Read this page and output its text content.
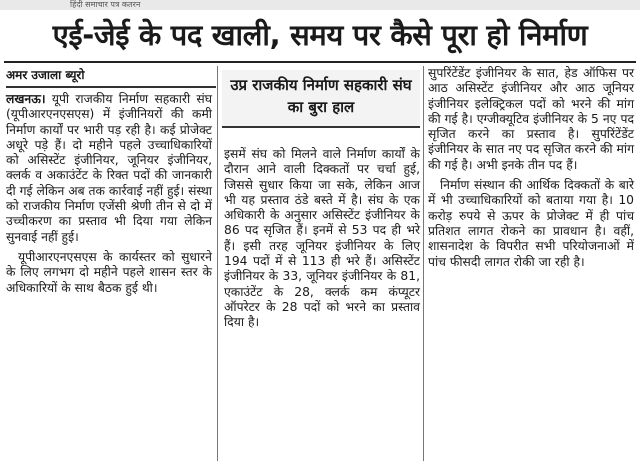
हिंदी समाचार पत्र कतरन
एई-जेई के पद खाली, समय पर कैसे पूरा हो निर्माण
अमर उजाला ब्यूरो
उप्र राजकीय निर्माण सहकारी संघ का बुरा हाल

लखनऊ। यूपी राजकीय निर्माण सहकारी संघ (यूपीआरएनएसएस) में इंजीनियरों की कमी निर्माण कार्यों पर भारी पड़ रही है। कई प्रोजेक्ट अधूरे पड़े हैं। दो महीने पहले उच्चाधिकारियों को असिस्टेंट इंजीनियर, जूनियर इंजीनियर, क्लर्क व अकाउंटेंट के रिक्त पदों की जानकारी दी गई लेकिन अब तक कार्रवाई नहीं हुई। संस्था को राजकीय निर्माण एजेंसी श्रेणी तीन से दो में उच्चीकरण का प्रस्ताव भी दिया गया लेकिन सुनवाई नहीं हुई।

यूपीआरएनएसएस के कार्यस्तर को सुधारने के लिए लगभग दो महीने पहले शासन स्तर के अधिकारियों के साथ बैठक हुई थी।

इसमें संघ को मिलने वाले निर्माण कार्यों के दौरान आने वाली दिक्कतों पर चर्चा हुई, जिससे सुधार किया जा सके, लेकिन आज भी यह प्रस्ताव ठंडे बस्ते में है। संघ के एक अधिकारी के अनुसार असिस्टेंट इंजीनियर के 86 पद सृजित हैं। इनमें से 53 पद ही भरे हैं। इसी तरह जूनियर इंजीनियर के लिए 194 पदों में से 113 ही भरे हैं। असिस्टेंट इंजीनियर के 33, जूनियर इंजीनियर के 81, एकाउंटेंट के 28, क्लर्क कम कंप्यूटर ऑपरेटर के 28 पदों को भरने का प्रस्ताव दिया है।

सुपरिंटेंडेंट इंजीनियर के सात, हेड ऑफिस पर आठ असिस्टेंट इंजीनियर और आठ जूनियर इंजीनियर इलेक्ट्रिकल पदों को भरने की मांग की गई है। एग्जीक्यूटिव इंजीनियर के 5 नए पद सृजित करने का प्रस्ताव है। सुपरिंटेंडेंट इंजीनियर के सात नए पद सृजित करने की मांग की गई है। अभी इनके तीन पद हैं।

निर्माण संस्थान की आर्थिक दिक्कतों के बारे में भी उच्चाधिकारियों को बताया गया है। 10 करोड़ रुपये से ऊपर के प्रोजेक्ट में ही पांच प्रतिशत लागत रोकने का प्रावधान है। वहीं, शासनादेश के विपरीत सभी परियोजनाओं में पांच फीसदी लागत रोकी जा रही है।
